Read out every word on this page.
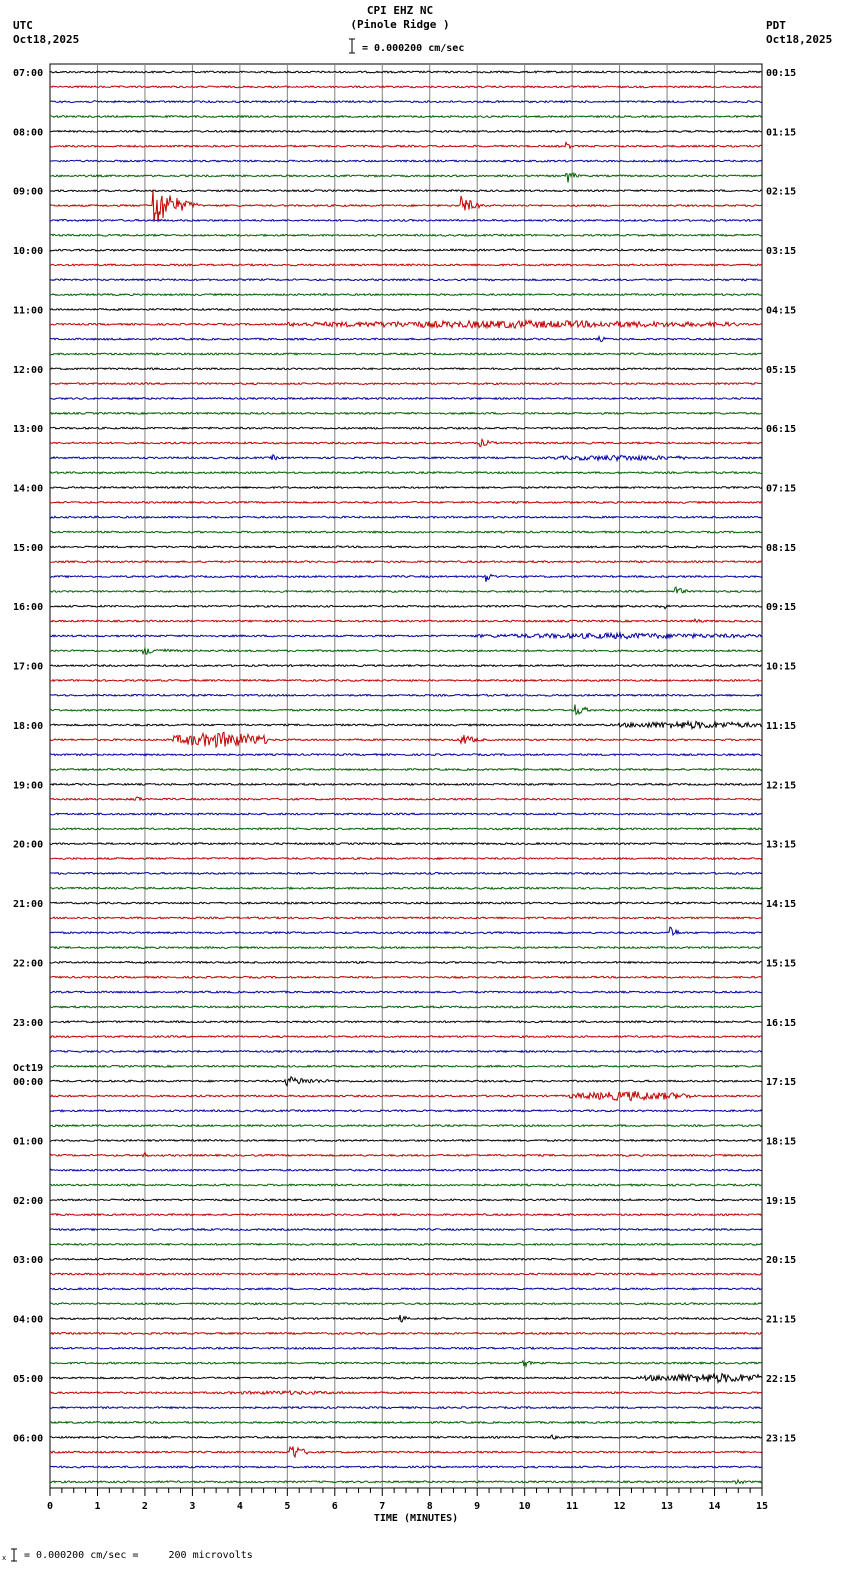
CPI EHZ NC
(Pinole Ridge )
UTC
Oct18,2025
PDT
Oct18,2025
= 0.000200 cm/sec
07:00	00:15
08:00	01:15
09:00	02:15
10:00	03:15
11:00	04:15
12:00	05:15
13:00	06:15
14:00	07:15
15:00	08:15
16:00	09:15
17:00	10:15
18:00	11:15
19:00	12:15
20:00	13:15
21:00	14:15
22:00	15:15
23:00	16:15
00:00	17:15
01:00	18:15
02:00	19:15
03:00	20:15
04:00	21:15
05:00	22:15
06:00	23:15
Oct19
0	1	2	3	4	5	6	7	8	9	10	11	12	13	14	15
TIME (MINUTES)
x = 0.000200 cm/sec =     200 microvolts
